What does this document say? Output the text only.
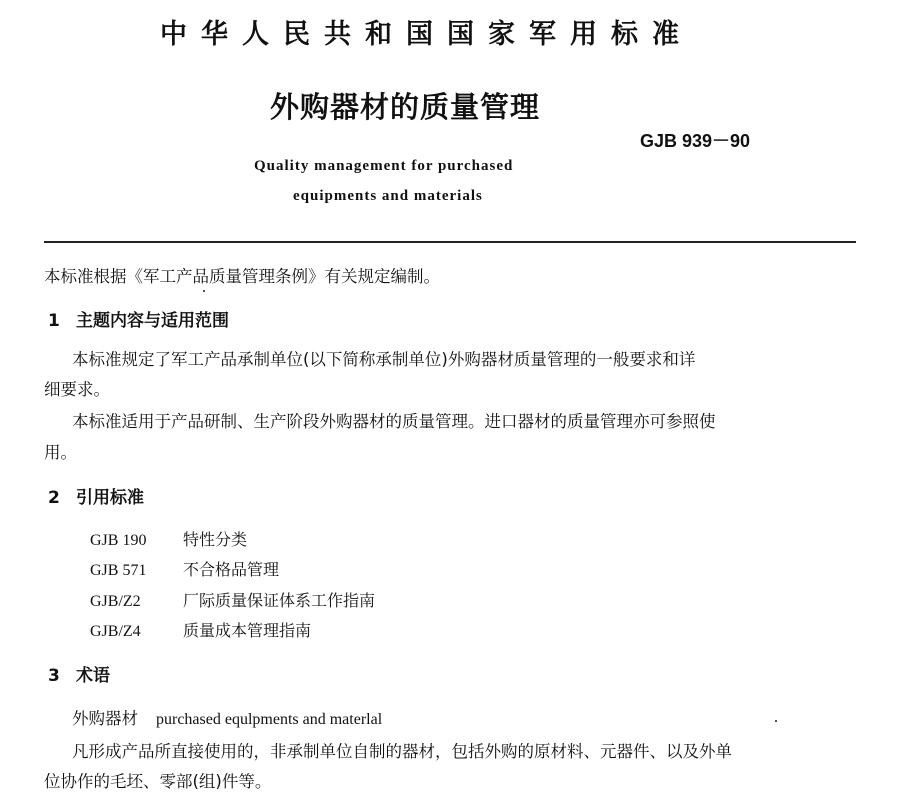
中华人民共和国国家军用标准
外购器材的质量管理
GJB 939－90
Quality management for purchased
equipments and materials
本标准根据《军工产品质量管理条例》有关规定编制。
1 主题内容与适用范围
本标准规定了军工产品承制单位(以下简称承制单位)外购器材质量管理的一般要求和详
细要求。
本标准适用于产品研制、生产阶段外购器材的质量管理。进口器材的质量管理亦可参照使
用。
2 引用标准
GJB 190 特性分类
GJB 571 不合格品管理
GJB/Z2	厂际质量保证体系工作指南
GJB/Z4	质量成本管理指南
3 术语
外购器材 purchased equlpments and materlal
凡形成产品所直接使用的，非承制单位自制的器材，包括外购的原材料、元器件、以及外单
位协作的毛坯、零部(组)件等。
